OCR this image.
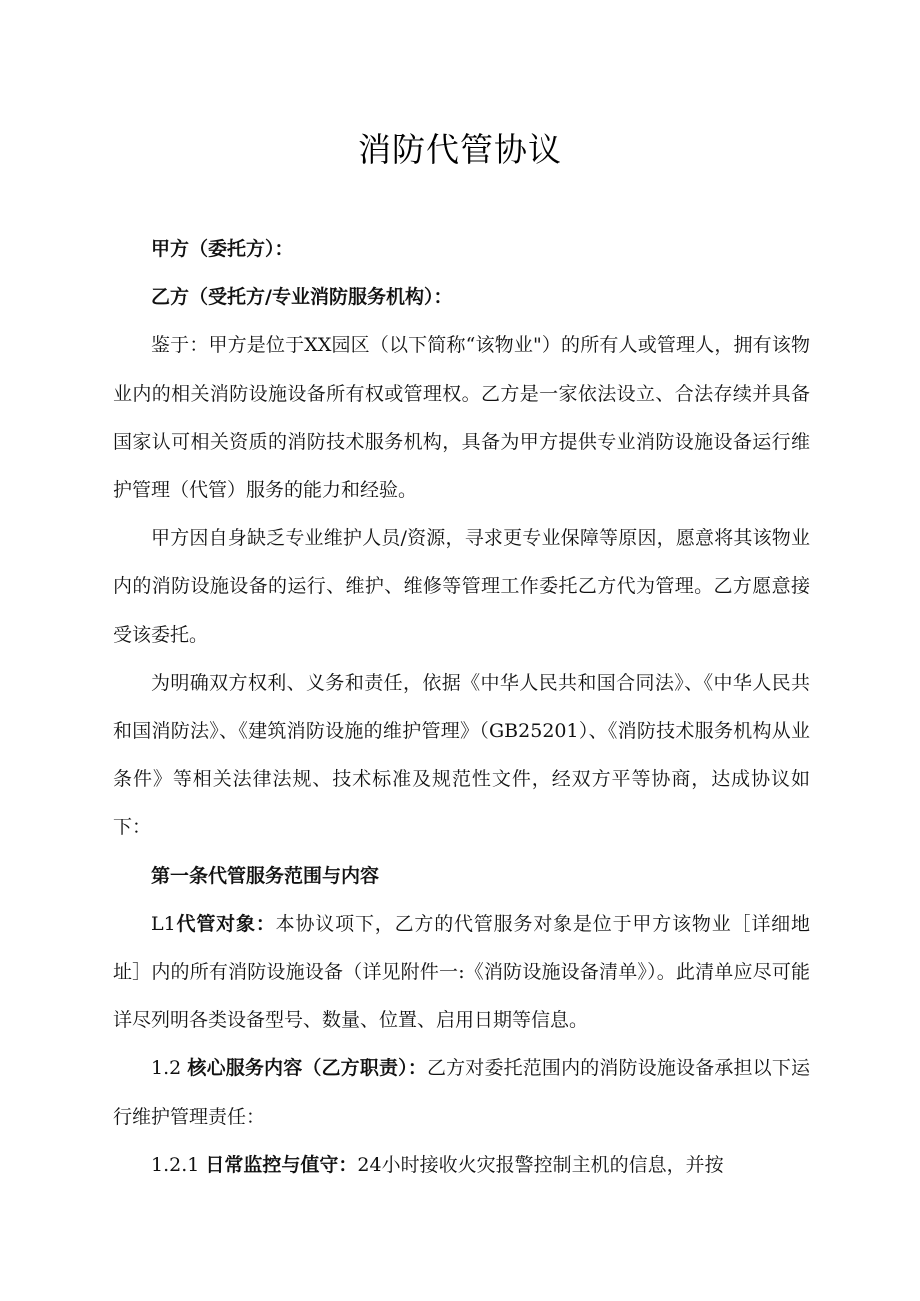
消防代管协议

甲方（委托方）：

乙方（受托方/专业消防服务机构）：

鉴于：甲方是位于XX园区（以下简称“该物业"）的所有人或管理人，拥有该物业内的相关消防设施设备所有权或管理权。乙方是一家依法设立、合法存续并具备国家认可相关资质的消防技术服务机构，具备为甲方提供专业消防设施设备运行维护管理（代管）服务的能力和经验。

甲方因自身缺乏专业维护人员/资源，寻求更专业保障等原因，愿意将其该物业内的消防设施设备的运行、维护、维修等管理工作委托乙方代为管理。乙方愿意接受该委托。

为明确双方权利、义务和责任，依据《中华人民共和国合同法》、《中华人民共和国消防法》、《建筑消防设施的维护管理》（GB25201）、《消防技术服务机构从业条件》等相关法律法规、技术标准及规范性文件，经双方平等协商，达成协议如下：

第一条代管服务范围与内容

L1代管对象：本协议项下，乙方的代管服务对象是位于甲方该物业［详细地址］内的所有消防设施设备（详见附件一:《消防设施设备清单》）。此清单应尽可能详尽列明各类设备型号、数量、位置、启用日期等信息。

1.2 核心服务内容（乙方职责）：乙方对委托范围内的消防设施设备承担以下运行维护管理责任：

1.2.1 日常监控与值守：24小时接收火灾报警控制主机的信息，并按
